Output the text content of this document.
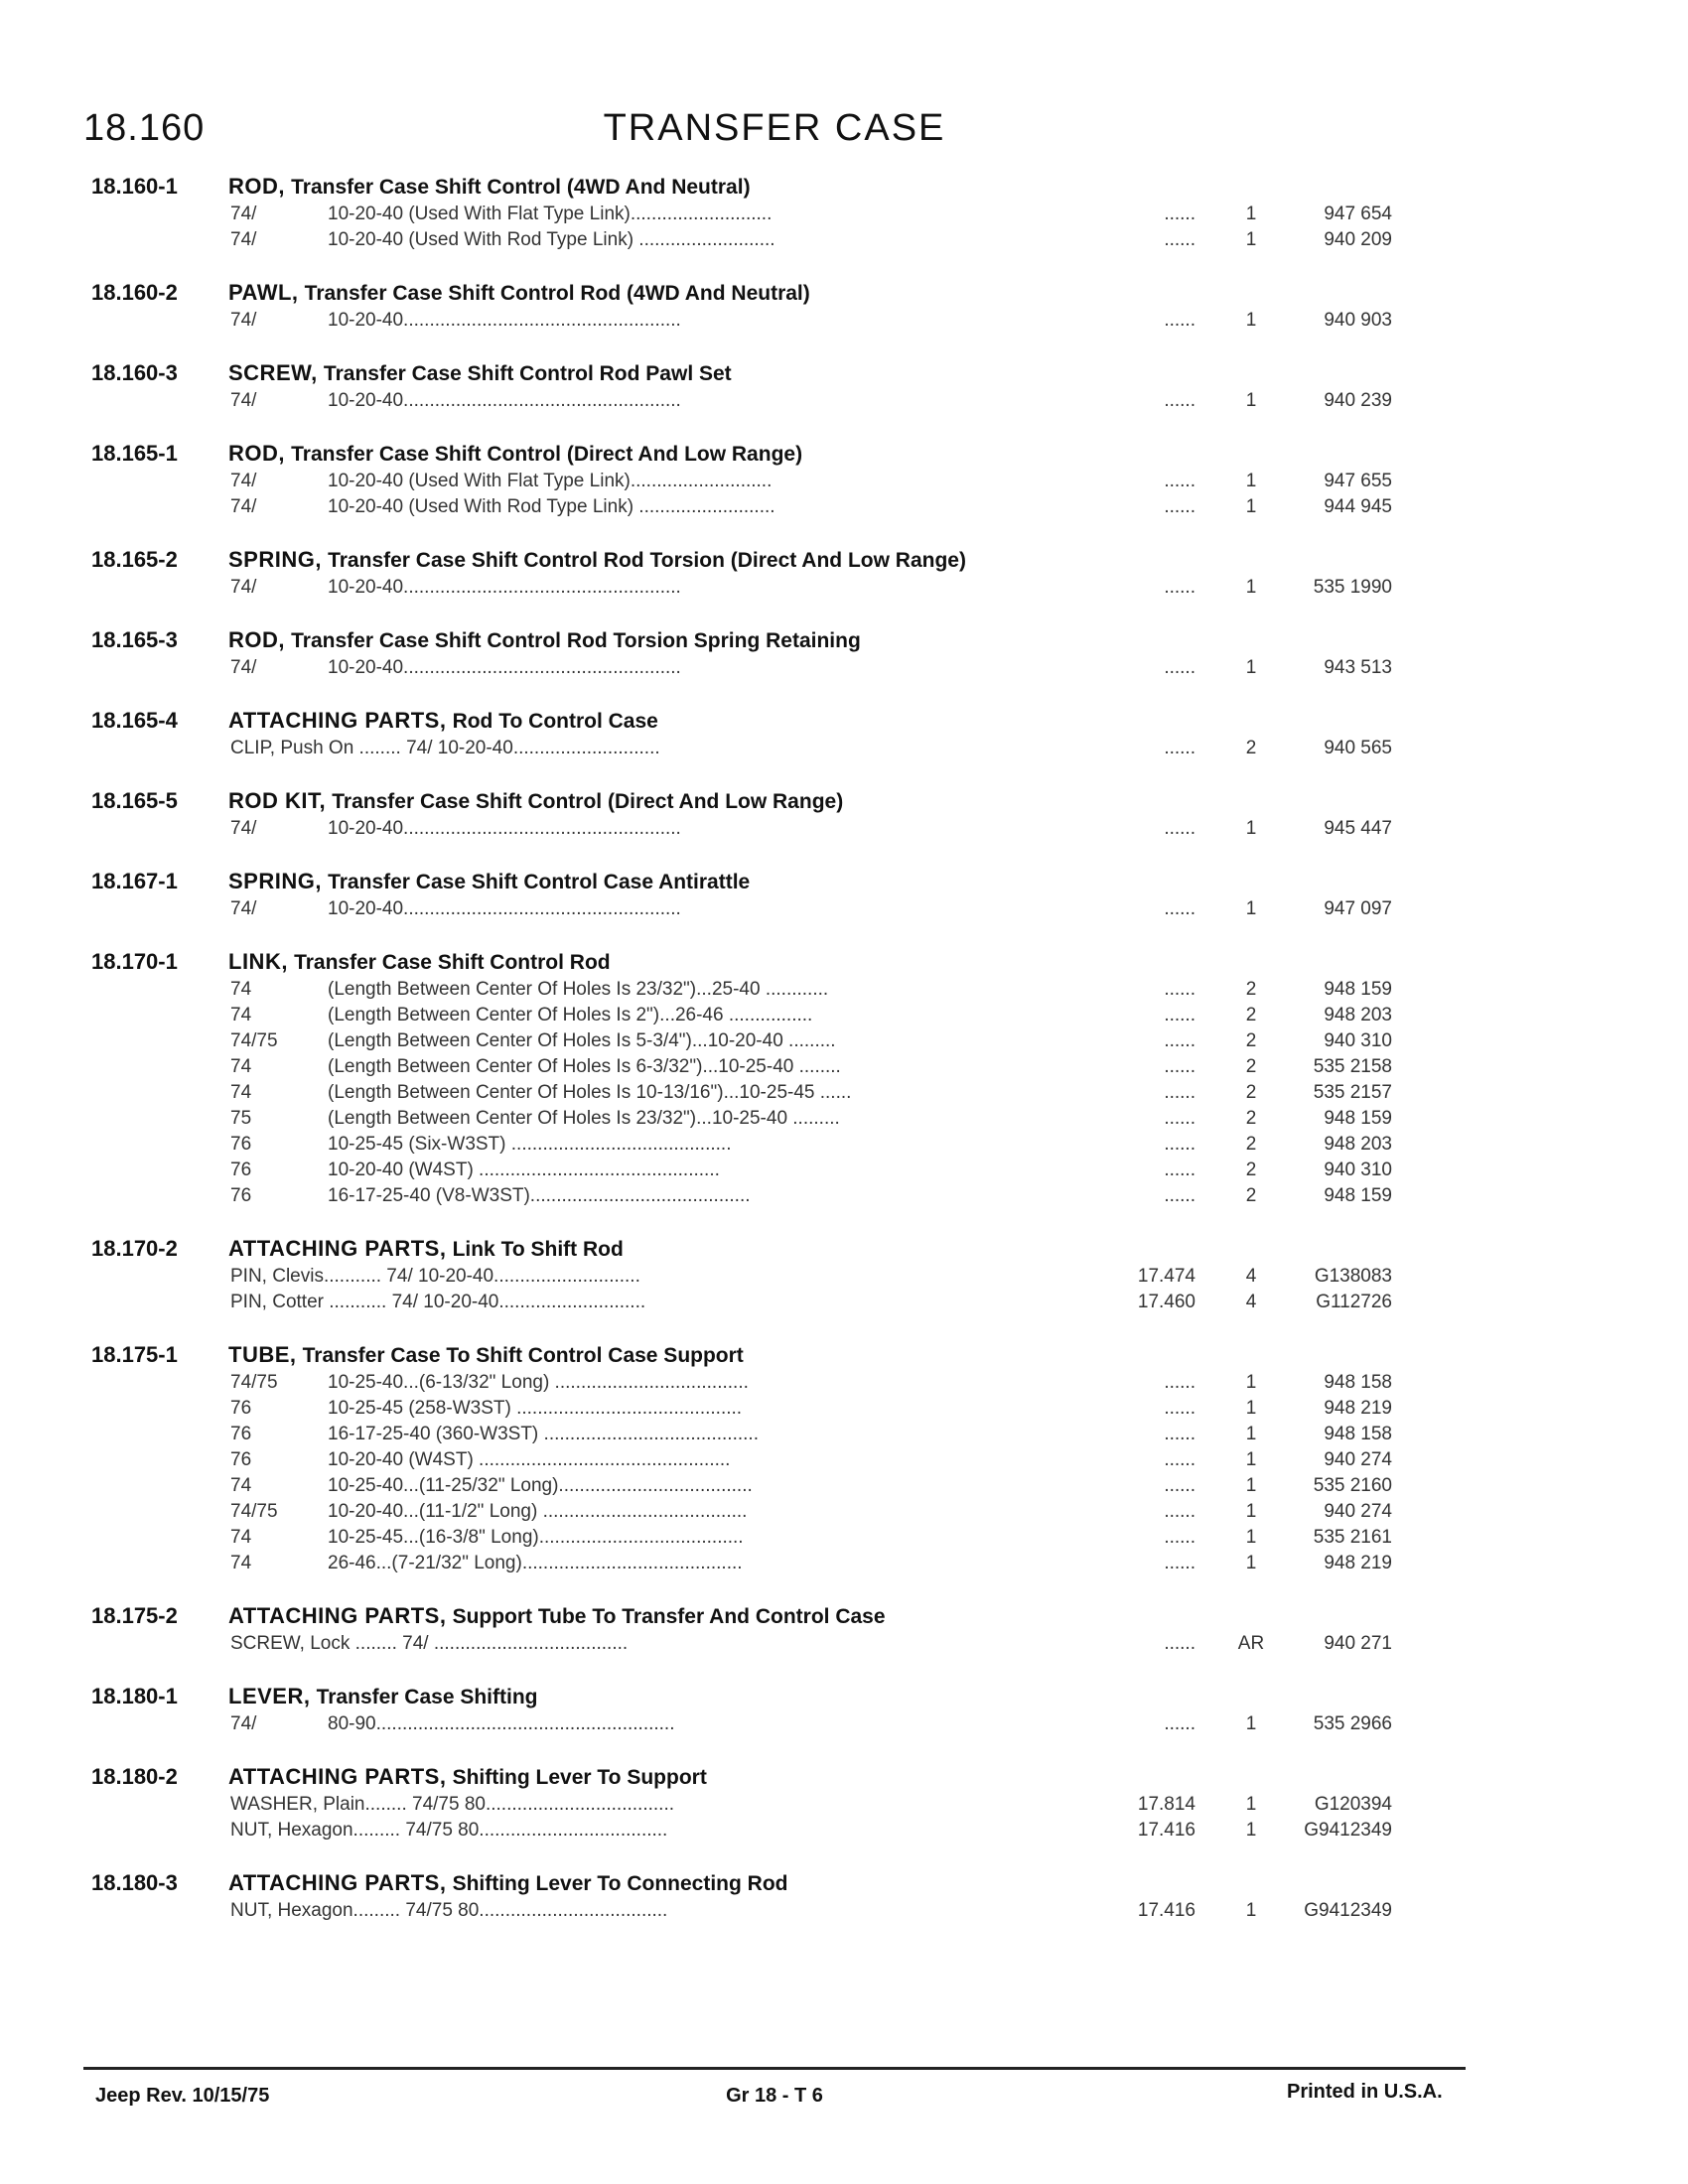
18.160	TRANSFER CASE
18.160-1 ROD, Transfer Case Shift Control (4WD And Neutral)
74/	10-20-40 (Used With Flat Type Link)...........................	......	1	947 654
74/	10-20-40 (Used With Rod Type Link) ..........................	......	1	940 209
18.160-2 PAWL, Transfer Case Shift Control Rod (4WD And Neutral)
74/	10-20-40.....................................................	......	1	940 903
18.160-3 SCREW, Transfer Case Shift Control Rod Pawl Set
74/	10-20-40.....................................................	......	1	940 239
18.165-1 ROD, Transfer Case Shift Control (Direct And Low Range)
74/	10-20-40 (Used With Flat Type Link)...........................	......	1	947 655
74/	10-20-40 (Used With Rod Type Link) ..........................	......	1	944 945
18.165-2 SPRING, Transfer Case Shift Control Rod Torsion (Direct And Low Range)
74/	10-20-40.....................................................	......	1	535 1990
18.165-3 ROD, Transfer Case Shift Control Rod Torsion Spring Retaining
74/	10-20-40.....................................................	......	1	943 513
18.165-4 ATTACHING PARTS, Rod To Control Case
CLIP, Push On ........ 74/ 10-20-40............................	......	2	940 565
18.165-5 ROD KIT, Transfer Case Shift Control (Direct And Low Range)
74/	10-20-40.....................................................	......	1	945 447
18.167-1 SPRING, Transfer Case Shift Control Case Antirattle
74/	10-20-40.....................................................	......	1	947 097
18.170-1 LINK, Transfer Case Shift Control Rod
74	(Length Between Center Of Holes Is 23/32")...25-40 ............	......	2	948 159
74	(Length Between Center Of Holes Is 2")...26-46 ................	......	2	948 203
74/75	(Length Between Center Of Holes Is 5-3/4")...10-20-40 .........	......	2	940 310
74	(Length Between Center Of Holes Is 6-3/32")...10-25-40 ........	......	2	535 2158
74	(Length Between Center Of Holes Is 10-13/16")...10-25-45 ......	......	2	535 2157
75	(Length Between Center Of Holes Is 23/32")...10-25-40 .........	......	2	948 159
76	10-25-45 (Six-W3ST) ..........................................	......	2	948 203
76	10-20-40 (W4ST) ..............................................	......	2	940 310
76	16-17-25-40 (V8-W3ST)..........................................	......	2	948 159
18.170-2 ATTACHING PARTS, Link To Shift Rod
PIN, Clevis........... 74/ 10-20-40............................	17.474	4	G138083
PIN, Cotter ........... 74/ 10-20-40............................	17.460	4	G112726
18.175-1 TUBE, Transfer Case To Shift Control Case Support
74/75	10-25-40...(6-13/32" Long) .....................................	......	1	948 158
76	10-25-45 (258-W3ST) ...........................................	......	1	948 219
76	16-17-25-40 (360-W3ST) .........................................	......	1	948 158
76	10-20-40 (W4ST) ................................................	......	1	940 274
74	10-25-40...(11-25/32" Long).....................................	......	1	535 2160
74/75	10-20-40...(11-1/2" Long) .......................................	......	1	940 274
74	10-25-45...(16-3/8" Long).......................................	......	1	535 2161
74	26-46...(7-21/32" Long)..........................................	......	1	948 219
18.175-2 ATTACHING PARTS, Support Tube To Transfer And Control Case
SCREW, Lock ........ 74/ .....................................	......	AR	940 271
18.180-1 LEVER, Transfer Case Shifting
74/	80-90.........................................................	......	1	535 2966
18.180-2 ATTACHING PARTS, Shifting Lever To Support
WASHER, Plain........ 74/75 80....................................	17.814	1	G120394
NUT, Hexagon......... 74/75 80....................................	17.416	1	G9412349
18.180-3 ATTACHING PARTS, Shifting Lever To Connecting Rod
NUT, Hexagon......... 74/75 80....................................	17.416	1	G9412349
Jeep Rev. 10/15/75	Gr 18 - T 6	Printed in U.S.A.
